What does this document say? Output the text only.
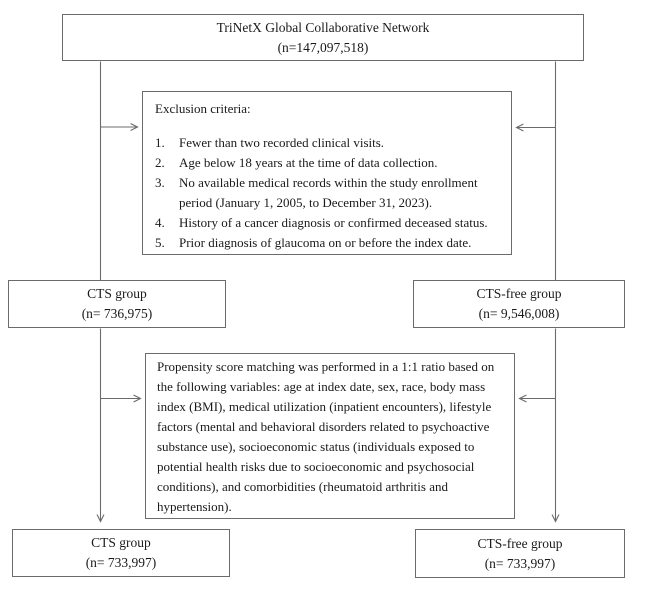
TriNetX Global Collaborative Network
(n=147,097,518)
Exclusion criteria:
1.	Fewer than two recorded clinical visits.
2.	Age below 18 years at the time of data collection.
3.	No available medical records within the study enrollment period (January 1, 2005, to December 31, 2023).
4.	History of a cancer diagnosis or confirmed deceased status.
5.	Prior diagnosis of glaucoma on or before the index date.
CTS group
(n= 736,975)
CTS-free group
(n= 9,546,008)
Propensity score matching was performed in a 1:1 ratio based on the following variables: age at index date, sex, race, body mass index (BMI), medical utilization (inpatient encounters), lifestyle factors (mental and behavioral disorders related to psychoactive substance use), socioeconomic status (individuals exposed to potential health risks due to socioeconomic and psychosocial conditions), and comorbidities (rheumatoid arthritis and hypertension).
CTS group
(n= 733,997)
CTS-free group
(n= 733,997)
